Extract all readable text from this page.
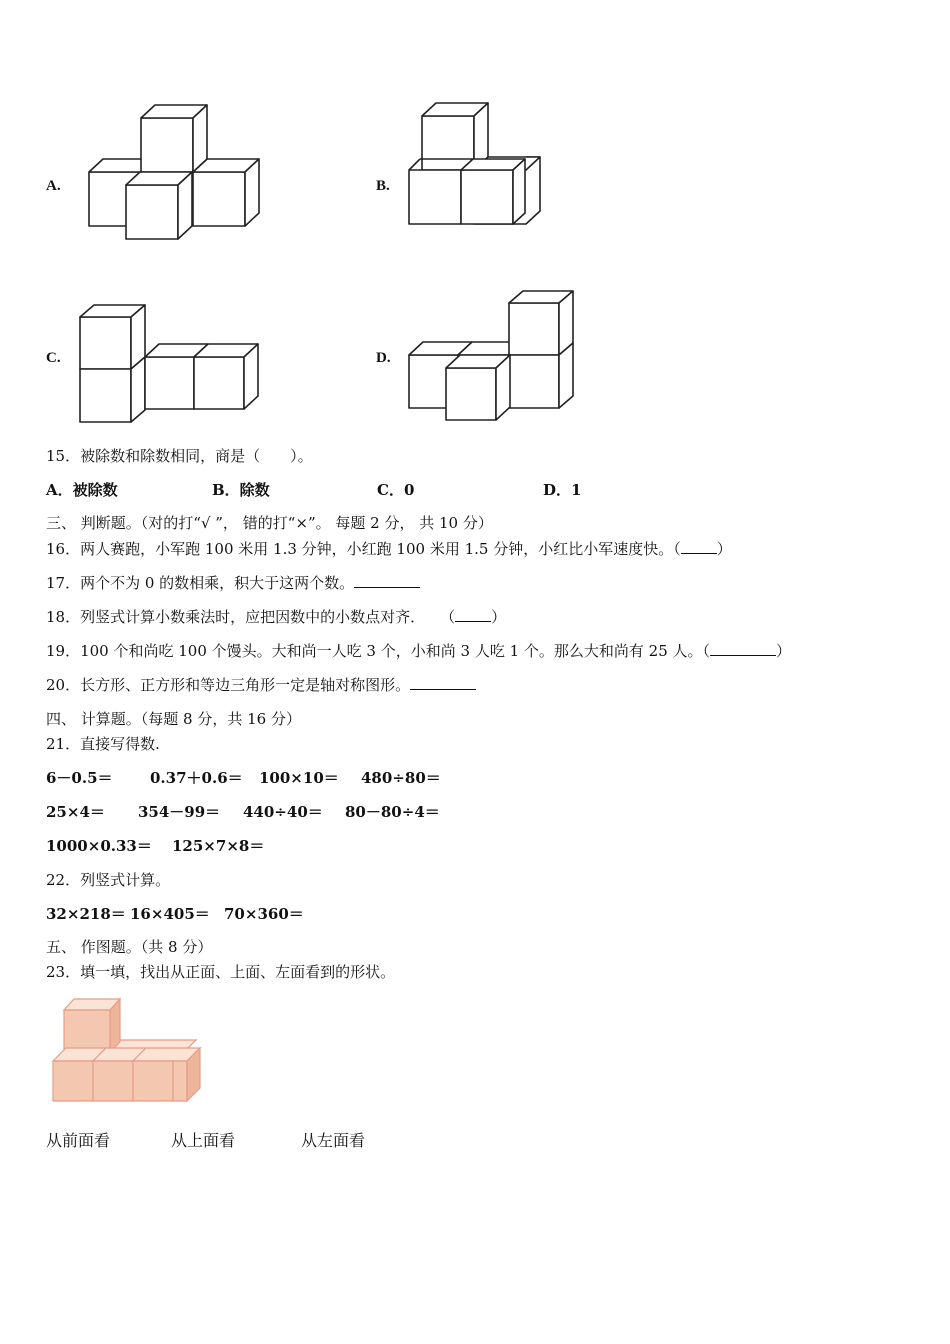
A.	B.
C.	D.
15．被除数和除数相同，商是（　　）。
A．被除数	B．除数	C．0	D．1
三、 判断题。（对的打“√ ”， 错的打“×”。 每题 2 分， 共 10 分）
16．两人赛跑，小军跑 100 米用 1.3 分钟，小红跑 100 米用 1.5 分钟，小红比小军速度快。（ ）
17．两个不为 0 的数相乘，积大于这两个数。
18．列竖式计算小数乘法时，应把因数中的小数点对齐．　　（ ）
19．100 个和尚吃 100 个馒头。大和尚一人吃 3 个，小和尚 3 人吃 1 个。那么大和尚有 25 人。（	）
20．长方形、正方形和等边三角形一定是轴对称图形。
四、 计算题。（每题 8 分，共 16 分）
21．直接写得数.
6－0.5＝ 0.37＋0.6＝ 100×10＝ 480÷80＝
25×4＝ 354－99＝ 440÷40＝ 80－80÷4＝
1000×0.33＝ 125×7×8＝
22．列竖式计算。
32×218＝ 16×405＝ 70×360＝
五、 作图题。（共 8 分）
23．填一填，找出从正面、上面、左面看到的形状。
从前面看	从上面看	从左面看
